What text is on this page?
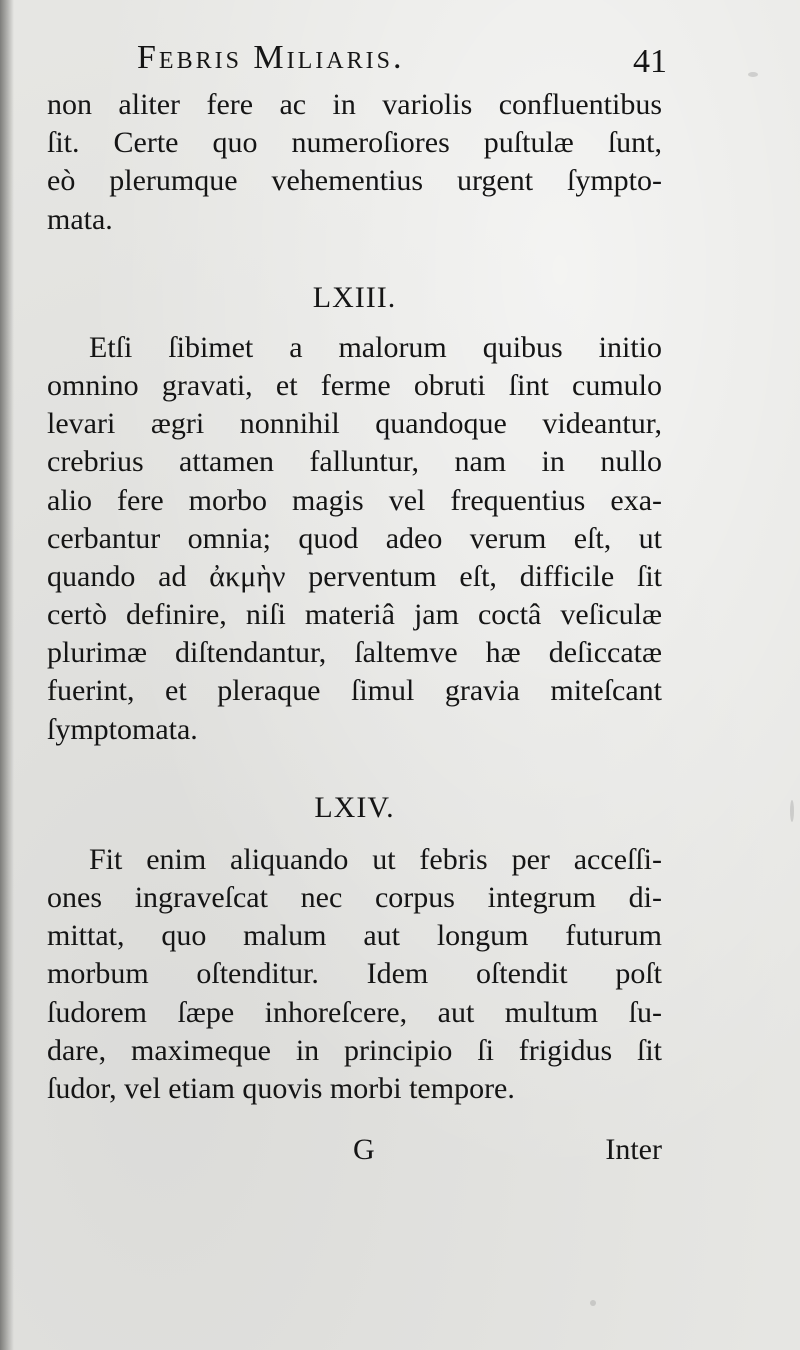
Febris Miliaris.	41
non aliter fere ac in variolis confluentibus
ſit. Certe quo numeroſiores puſtulæ ſunt,
eò plerumque vehementius urgent ſympto-
mata.
LXIII.
Etſi ſibimet a malorum quibus initio
omnino gravati, et ferme obruti ſint cumulo
levari ægri nonnihil quandoque videantur,
crebrius attamen falluntur, nam in nullo
alio fere morbo magis vel frequentius exa-
cerbantur omnia; quod adeo verum eſt, ut
quando ad ἀκμὴν perventum eſt, difficile ſit
certò definire, niſi materiâ jam coctâ veſiculæ
plurimæ diſtendantur, ſaltemve hæ deſiccatæ
fuerint, et pleraque ſimul gravia miteſcant
ſymptomata.
LXIV.
Fit enim aliquando ut febris per acceſſi-
ones ingraveſcat nec corpus integrum di-
mittat, quo malum aut longum futurum
morbum oſtenditur. Idem oſtendit poſt
ſudorem ſæpe inhoreſcere, aut multum ſu-
dare, maximeque in principio ſi frigidus ſit
ſudor, vel etiam quovis morbi tempore.
G	Inter
